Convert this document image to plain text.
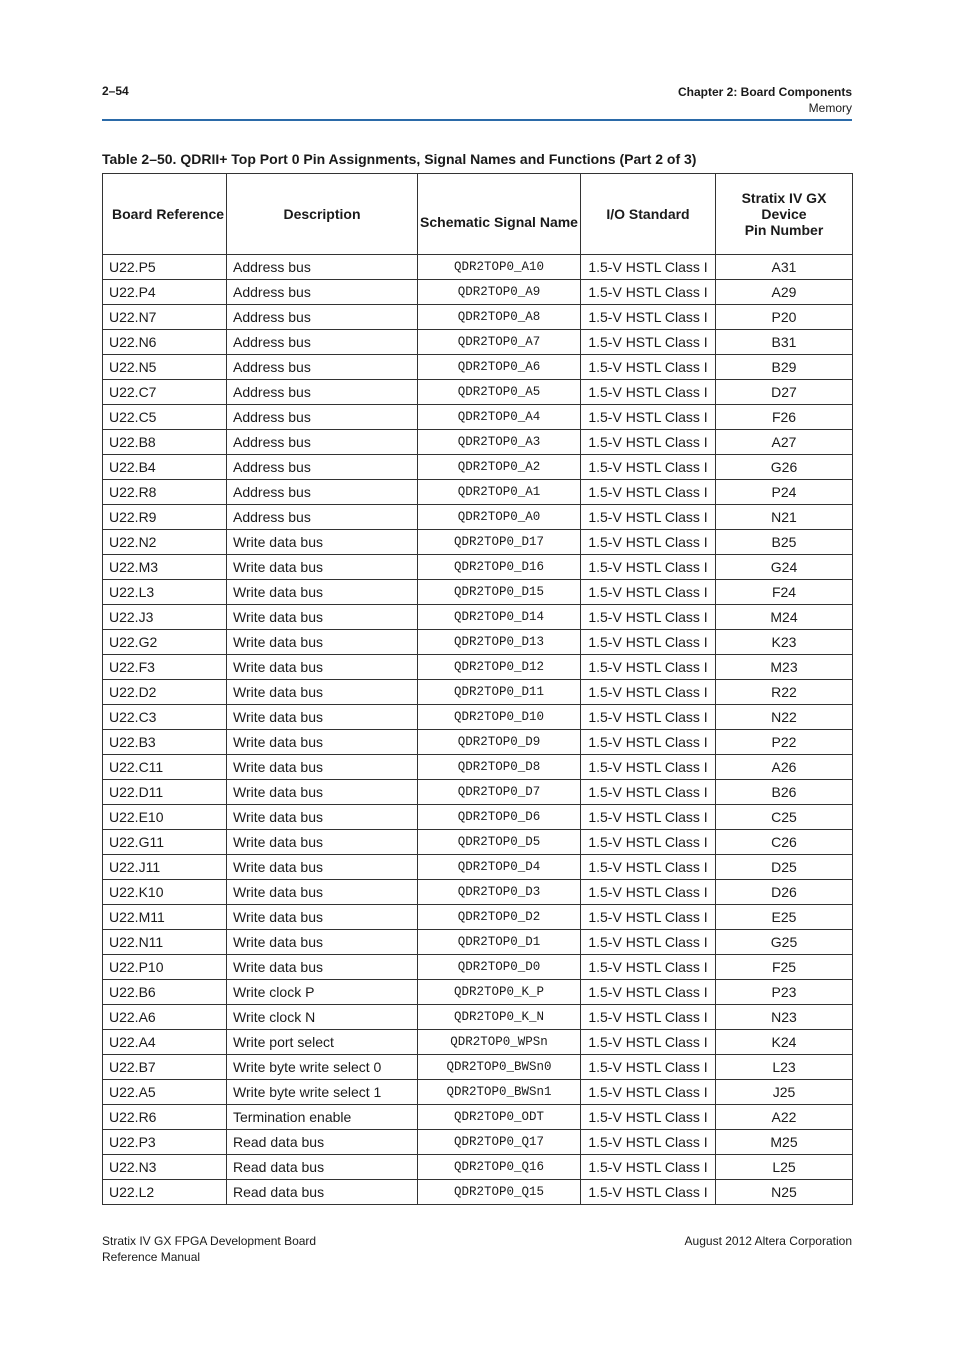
2–54	Chapter 2: Board Components
Memory
Table 2–50. QDRII+ Top Port 0 Pin Assignments, Signal Names and Functions (Part 2 of 3)
Board Reference	Description	Schematic Signal Name	I/O Standard	Stratix IV GX
Device
Pin Number

U22.P5	Address bus	QDR2TOP0_A10	1.5-V HSTL Class I	A31
U22.P4	Address bus	QDR2TOP0_A9	1.5-V HSTL Class I	A29
U22.N7	Address bus	QDR2TOP0_A8	1.5-V HSTL Class I	P20
U22.N6	Address bus	QDR2TOP0_A7	1.5-V HSTL Class I	B31
U22.N5	Address bus	QDR2TOP0_A6	1.5-V HSTL Class I	B29
U22.C7	Address bus	QDR2TOP0_A5	1.5-V HSTL Class I	D27
U22.C5	Address bus	QDR2TOP0_A4	1.5-V HSTL Class I	F26
U22.B8	Address bus	QDR2TOP0_A3	1.5-V HSTL Class I	A27
U22.B4	Address bus	QDR2TOP0_A2	1.5-V HSTL Class I	G26
U22.R8	Address bus	QDR2TOP0_A1	1.5-V HSTL Class I	P24
U22.R9	Address bus	QDR2TOP0_A0	1.5-V HSTL Class I	N21
U22.N2	Write data bus	QDR2TOP0_D17	1.5-V HSTL Class I	B25
U22.M3	Write data bus	QDR2TOP0_D16	1.5-V HSTL Class I	G24
U22.L3	Write data bus	QDR2TOP0_D15	1.5-V HSTL Class I	F24
U22.J3	Write data bus	QDR2TOP0_D14	1.5-V HSTL Class I	M24
U22.G2	Write data bus	QDR2TOP0_D13	1.5-V HSTL Class I	K23
U22.F3	Write data bus	QDR2TOP0_D12	1.5-V HSTL Class I	M23
U22.D2	Write data bus	QDR2TOP0_D11	1.5-V HSTL Class I	R22
U22.C3	Write data bus	QDR2TOP0_D10	1.5-V HSTL Class I	N22
U22.B3	Write data bus	QDR2TOP0_D9	1.5-V HSTL Class I	P22
U22.C11	Write data bus	QDR2TOP0_D8	1.5-V HSTL Class I	A26
U22.D11	Write data bus	QDR2TOP0_D7	1.5-V HSTL Class I	B26
U22.E10	Write data bus	QDR2TOP0_D6	1.5-V HSTL Class I	C25
U22.G11	Write data bus	QDR2TOP0_D5	1.5-V HSTL Class I	C26
U22.J11	Write data bus	QDR2TOP0_D4	1.5-V HSTL Class I	D25
U22.K10	Write data bus	QDR2TOP0_D3	1.5-V HSTL Class I	D26
U22.M11	Write data bus	QDR2TOP0_D2	1.5-V HSTL Class I	E25
U22.N11	Write data bus	QDR2TOP0_D1	1.5-V HSTL Class I	G25
U22.P10	Write data bus	QDR2TOP0_D0	1.5-V HSTL Class I	F25
U22.B6	Write clock P	QDR2TOP0_K_P	1.5-V HSTL Class I	P23
U22.A6	Write clock N	QDR2TOP0_K_N	1.5-V HSTL Class I	N23
U22.A4	Write port select	QDR2TOP0_WPSn	1.5-V HSTL Class I	K24
U22.B7	Write byte write select 0	QDR2TOP0_BWSn0	1.5-V HSTL Class I	L23
U22.A5	Write byte write select 1	QDR2TOP0_BWSn1	1.5-V HSTL Class I	J25
U22.R6	Termination enable	QDR2TOP0_ODT	1.5-V HSTL Class I	A22
U22.P3	Read data bus	QDR2TOP0_Q17	1.5-V HSTL Class I	M25
U22.N3	Read data bus	QDR2TOP0_Q16	1.5-V HSTL Class I	L25
U22.L2	Read data bus	QDR2TOP0_Q15	1.5-V HSTL Class I	N25
Stratix IV GX FPGA Development Board
Reference Manual
August 2012 Altera Corporation
